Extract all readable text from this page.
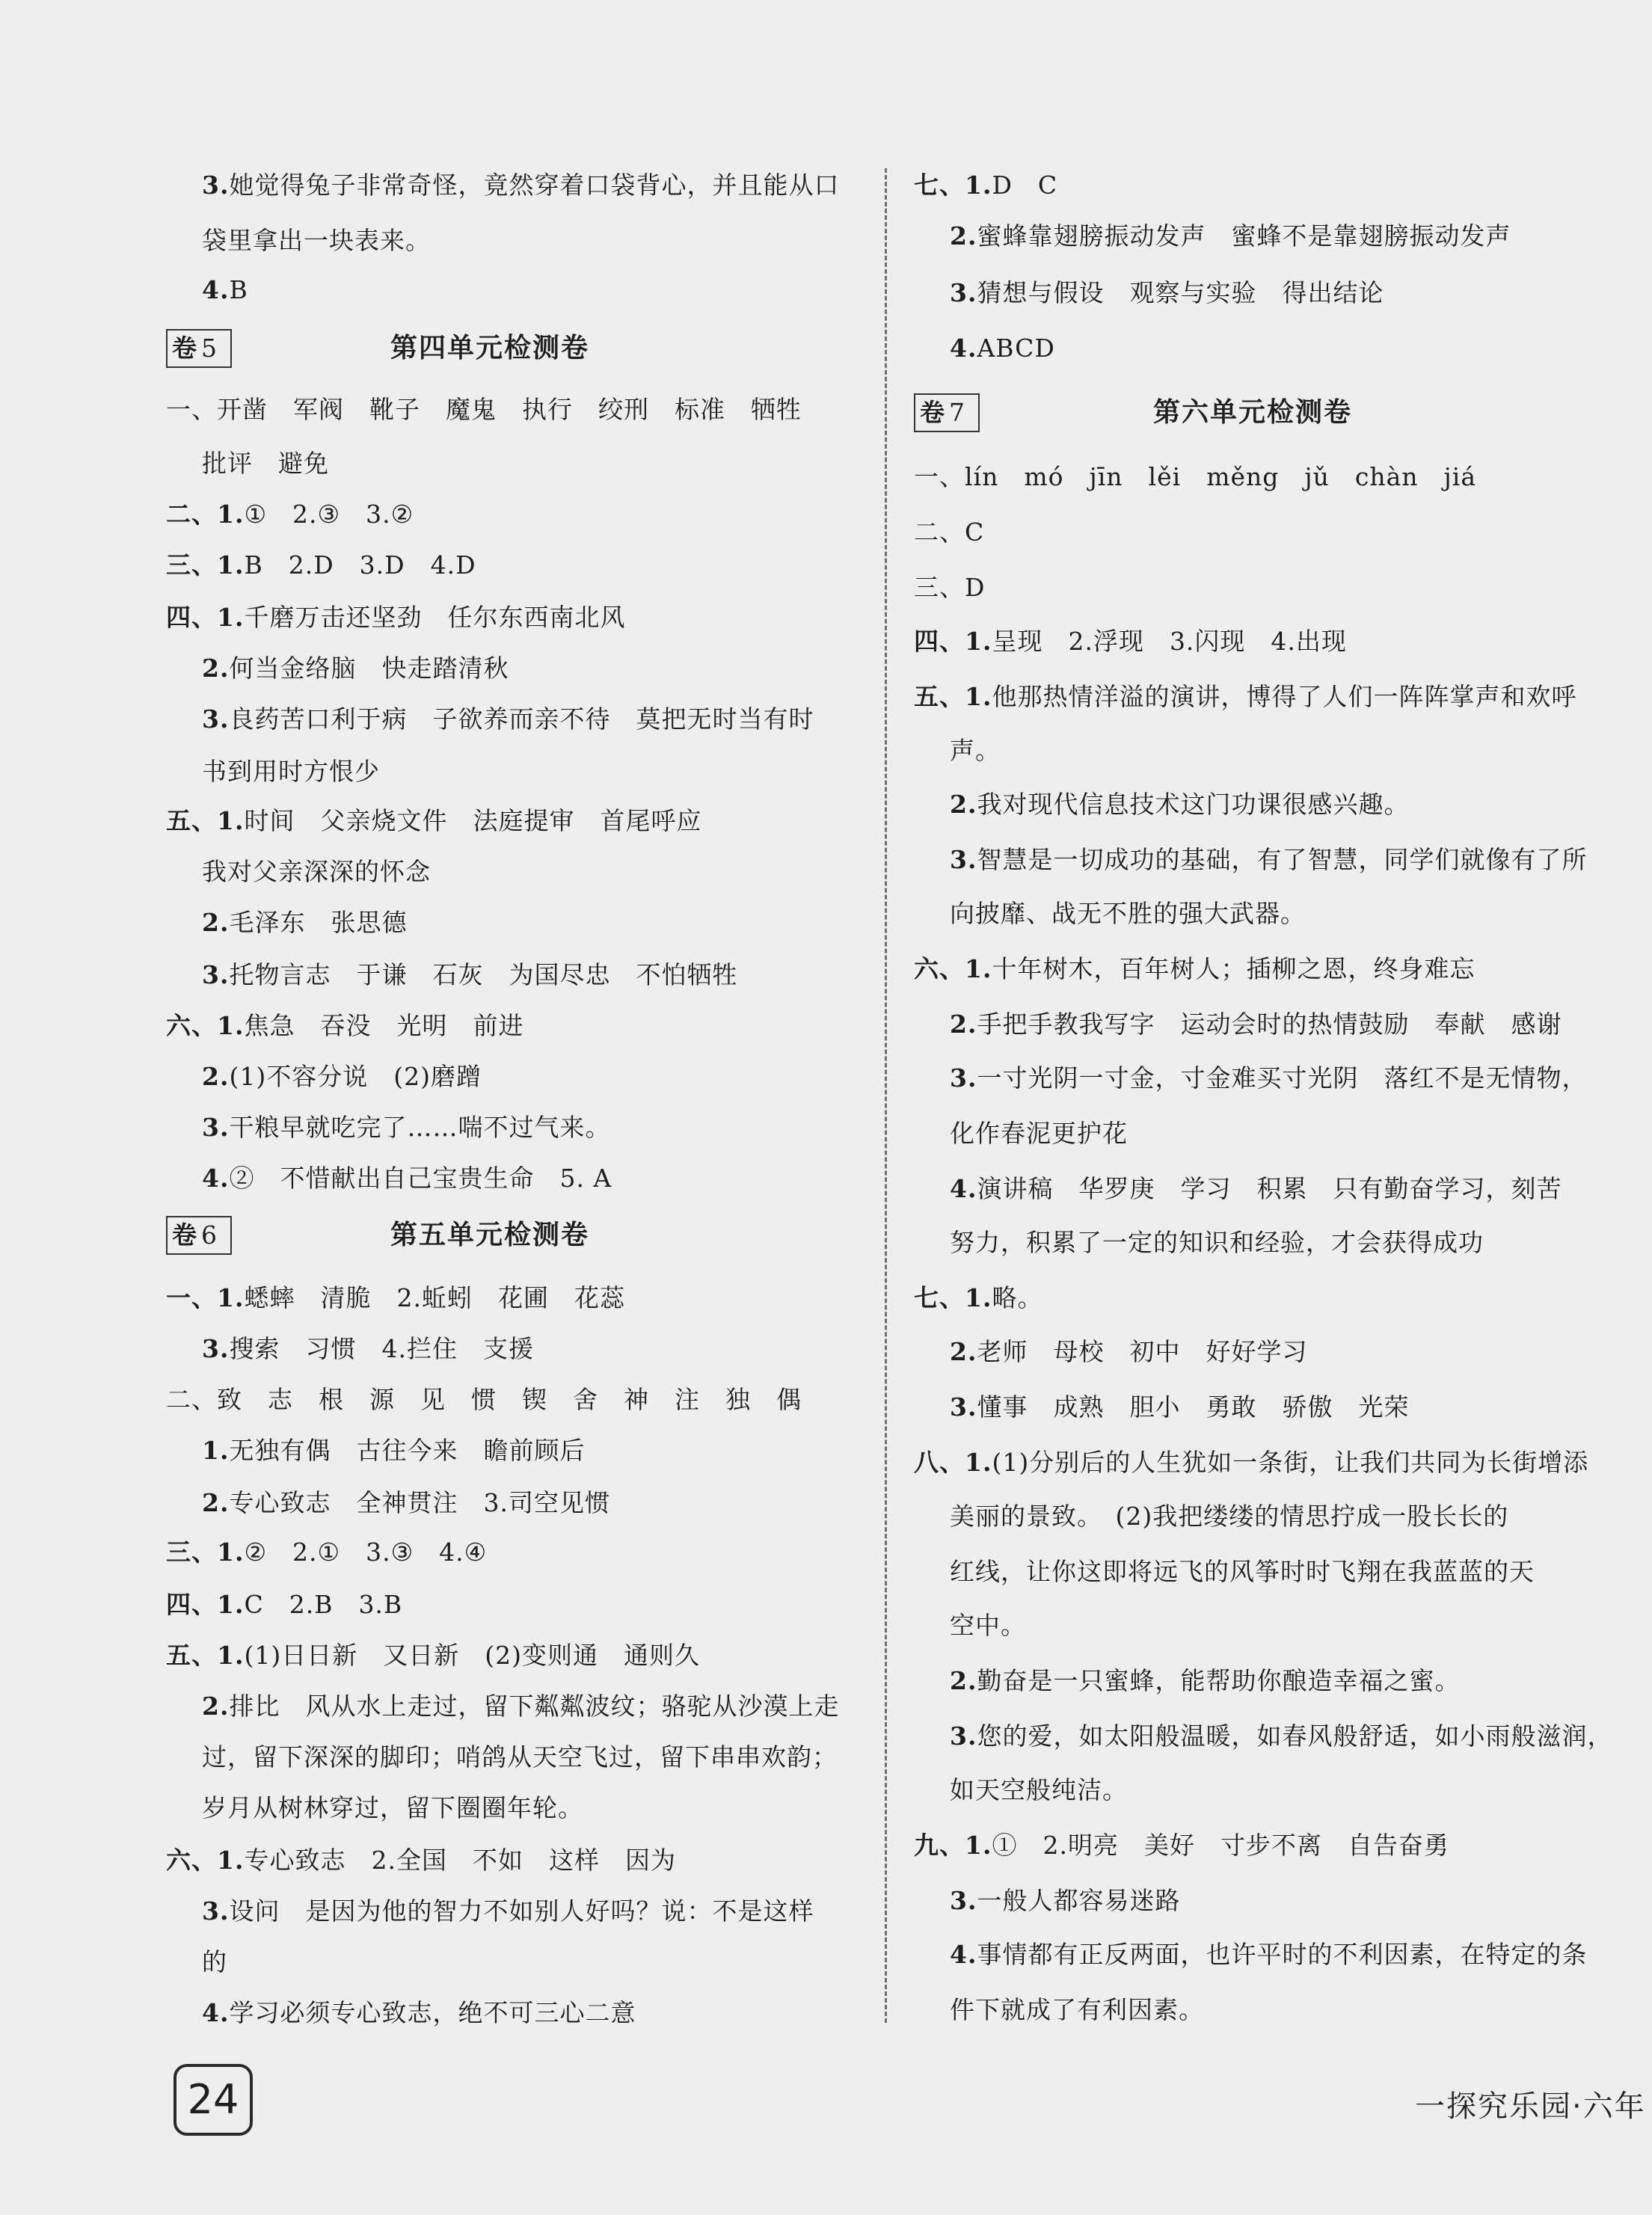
3.她觉得兔子非常奇怪，竟然穿着口袋背心，并且能从口
袋里拿出一块表来。
4.B
卷 5	第四单元检测卷
一、开凿　军阀　靴子　魔鬼　执行　绞刑　标准　牺牲
批评　避免
二、1.①　2.③　3.②
三、1.B　2.D　3.D　4.D
四、1.千磨万击还坚劲　任尔东西南北风
2.何当金络脑　快走踏清秋
3.良药苦口利于病　子欲养而亲不待　莫把无时当有时
书到用时方恨少
五、1.时间　父亲烧文件　法庭提审　首尾呼应
我对父亲深深的怀念
2.毛泽东　张思德
3.托物言志　于谦　石灰　为国尽忠　不怕牺牲
六、1.焦急　吞没　光明　前进
2.(1)不容分说　(2)磨蹭
3.干粮早就吃完了……喘不过气来。
4.②　不惜献出自己宝贵生命　5. A
卷 6	第五单元检测卷
一、1.蟋蟀　清脆　2.蚯蚓　花圃　花蕊
3.搜索　习惯　4.拦住　支援
二、致　志　根　源　见　惯　锲　舍　神　注　独　偶
1.无独有偶　古往今来　瞻前顾后
2.专心致志　全神贯注　3.司空见惯
三、1.②　2.①　3.③　4.④
四、1.C　2.B　3.B
五、1.(1)日日新　又日新　(2)变则通　通则久
2.排比　风从水上走过，留下粼粼波纹；骆驼从沙漠上走
过，留下深深的脚印；哨鸽从天空飞过，留下串串欢韵；
岁月从树林穿过，留下圈圈年轮。
六、1.专心致志　2.全国　不如　这样　因为
3.设问　是因为他的智力不如别人好吗？说：不是这样
的
4.学习必须专心致志，绝不可三心二意
七、1.D　C
2.蜜蜂靠翅膀振动发声　蜜蜂不是靠翅膀振动发声
3.猜想与假设　观察与实验　得出结论
4.ABCD
卷 7	第六单元检测卷
一、lín　mó　jīn　lěi　měng　jǔ　chàn　jiá
二、C
三、D
四、1.呈现　2.浮现　3.闪现　4.出现
五、1.他那热情洋溢的演讲，博得了人们一阵阵掌声和欢呼
声。
2.我对现代信息技术这门功课很感兴趣。
3.智慧是一切成功的基础，有了智慧，同学们就像有了所
向披靡、战无不胜的强大武器。
六、1.十年树木，百年树人；插柳之恩，终身难忘
2.手把手教我写字　运动会时的热情鼓励　奉献　感谢
3.一寸光阴一寸金，寸金难买寸光阴　落红不是无情物，
化作春泥更护花
4.演讲稿　华罗庚　学习　积累　只有勤奋学习，刻苦
努力，积累了一定的知识和经验，才会获得成功
七、1.略。
2.老师　母校　初中　好好学习
3.懂事　成熟　胆小　勇敢　骄傲　光荣
八、1.(1)分别后的人生犹如一条街，让我们共同为长街增添
美丽的景致。　(2)我把缕缕的情思拧成一股长长的
红线，让你这即将远飞的风筝时时飞翔在我蓝蓝的天
空中。
2.勤奋是一只蜜蜂，能帮助你酿造幸福之蜜。
3.您的爱，如太阳般温暖，如春风般舒适，如小雨般滋润，
如天空般纯洁。
九、1.①　2.明亮　美好　寸步不离　自告奋勇
3.一般人都容易迷路
4.事情都有正反两面，也许平时的不利因素，在特定的条
件下就成了有利因素。
24	一探究乐园·六年
